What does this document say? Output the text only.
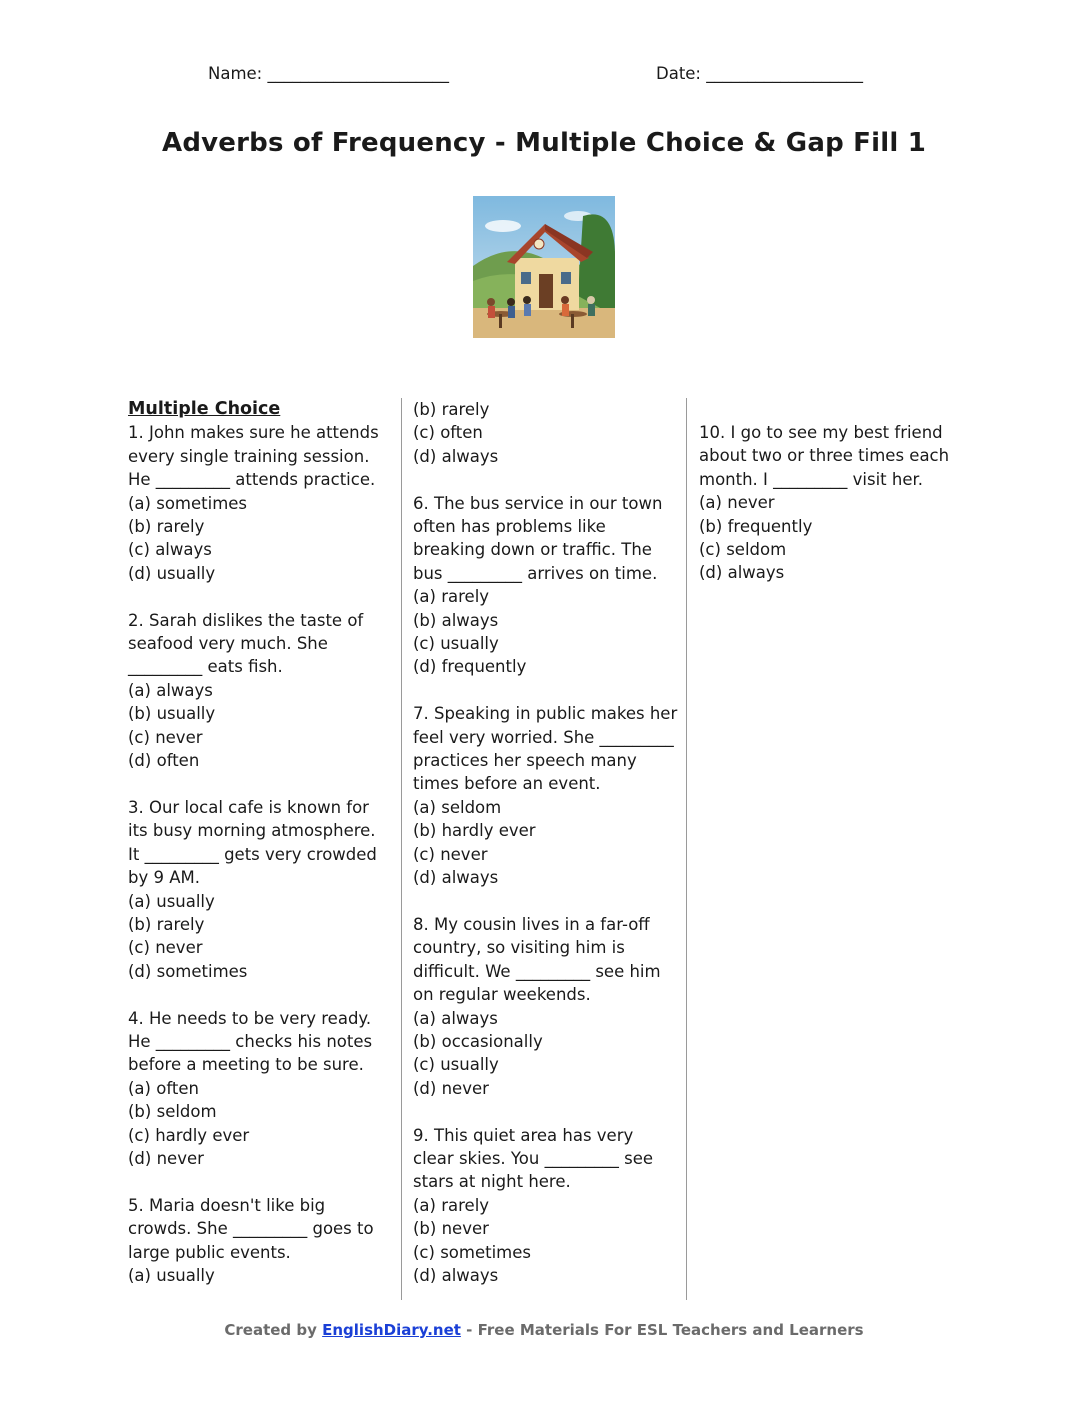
Name: ______________________	Date: ___________________
Adverbs of Frequency - Multiple Choice & Gap Fill 1
Multiple Choice

1. John makes sure he attends every single training session. He _________ attends practice.

(a) sometimes

(b) rarely

(c) always

(d) usually

2. Sarah dislikes the taste of seafood very much. She _________ eats fish.

(a) always

(b) usually

(c) never

(d) often

3. Our local cafe is known for its busy morning atmosphere. It _________ gets very crowded by 9 AM.

(a) usually

(b) rarely

(c) never

(d) sometimes

4. He needs to be very ready. He _________ checks his notes before a meeting to be sure.

(a) often

(b) seldom

(c) hardly ever

(d) never

5. Maria doesn't like big crowds. She _________ goes to large public events.

(a) usually

(b) rarely

(c) often

(d) always

6. The bus service in our town often has problems like breaking down or traffic. The bus _________ arrives on time.

(a) rarely

(b) always

(c) usually

(d) frequently

7. Speaking in public makes her feel very worried. She _________ practices her speech many times before an event.

(a) seldom

(b) hardly ever

(c) never

(d) always

8. My cousin lives in a far-off country, so visiting him is difficult. We _________ see him on regular weekends.

(a) always

(b) occasionally

(c) usually

(d) never

9. This quiet area has very clear skies. You _________ see stars at night here.

(a) rarely

(b) never

(c) sometimes

(d) always

10. I go to see my best friend about two or three times each month. I _________ visit her.

(a) never

(b) frequently

(c) seldom

(d) always

Created by EnglishDiary.net - Free Materials For ESL Teachers and Learners
